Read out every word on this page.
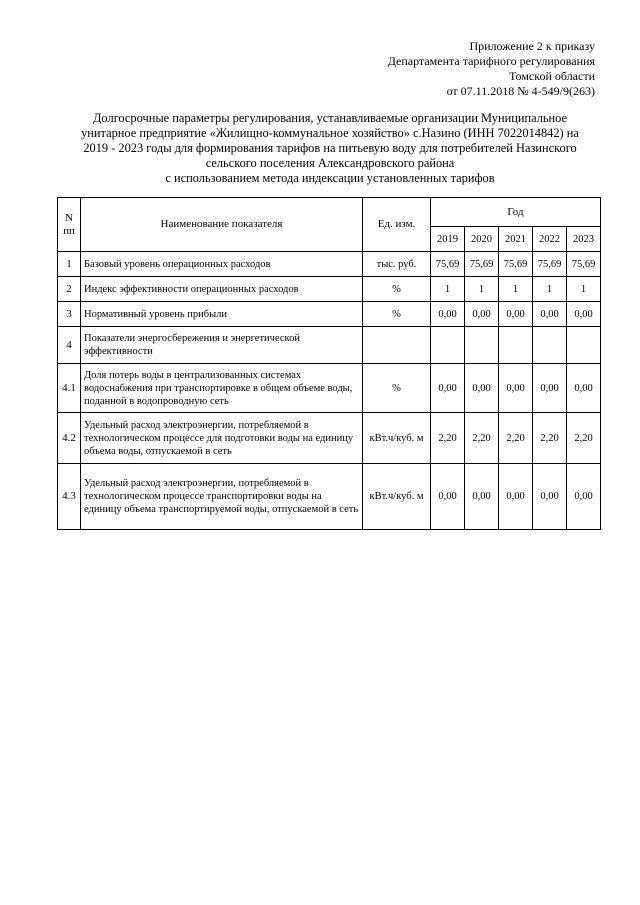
Приложение 2 к приказу
Департамента тарифного регулирования
Томской области
от 07.11.2018 № 4-549/9(263)
Долгосрочные параметры регулирования, устанавливаемые организации Муниципальное
унитарное предприятие «Жилищно-коммунальное хозяйство» с.Назино (ИНН 7022014842) на
2019 - 2023 годы для формирования тарифов на питьевую воду для потребителей Назинского
сельского поселения Александровского района
с использованием метода индексации установленных тарифов
N пп	Наименование показателя	Ед. изм.	Год				
			2019	2020	2021	2022	2023
1	Базовый уровень операционных расходов	тыс. руб.	75,69	75,69	75,69	75,69	75,69
2	Индекс эффективности операционных расходов	%	1	1	1	1	1
3	Нормативный уровень прибыли	%	0,00	0,00	0,00	0,00	0,00
4	Показатели энергосбережения и энергетической эффективности						
4.1	Доля потерь воды в централизованных системах водоснабжения при транспортировке в общем объеме воды, поданной в водопроводную сеть	%	0,00	0,00	0,00	0,00	0,00
4.2	Удельный расход электроэнергии, потребляемой в технологическом процессе для подготовки воды на единицу объема воды, отпускаемой в сеть	кВт.ч/куб. м	2,20	2,20	2,20	2,20	2,20
4.3	Удельный расход электроэнергии, потребляемой в технологическом процессе транспортировки воды на единицу объема транспортируемой воды, отпускаемой в сеть	кВт.ч/куб. м	0,00	0,00	0,00	0,00	0,00
